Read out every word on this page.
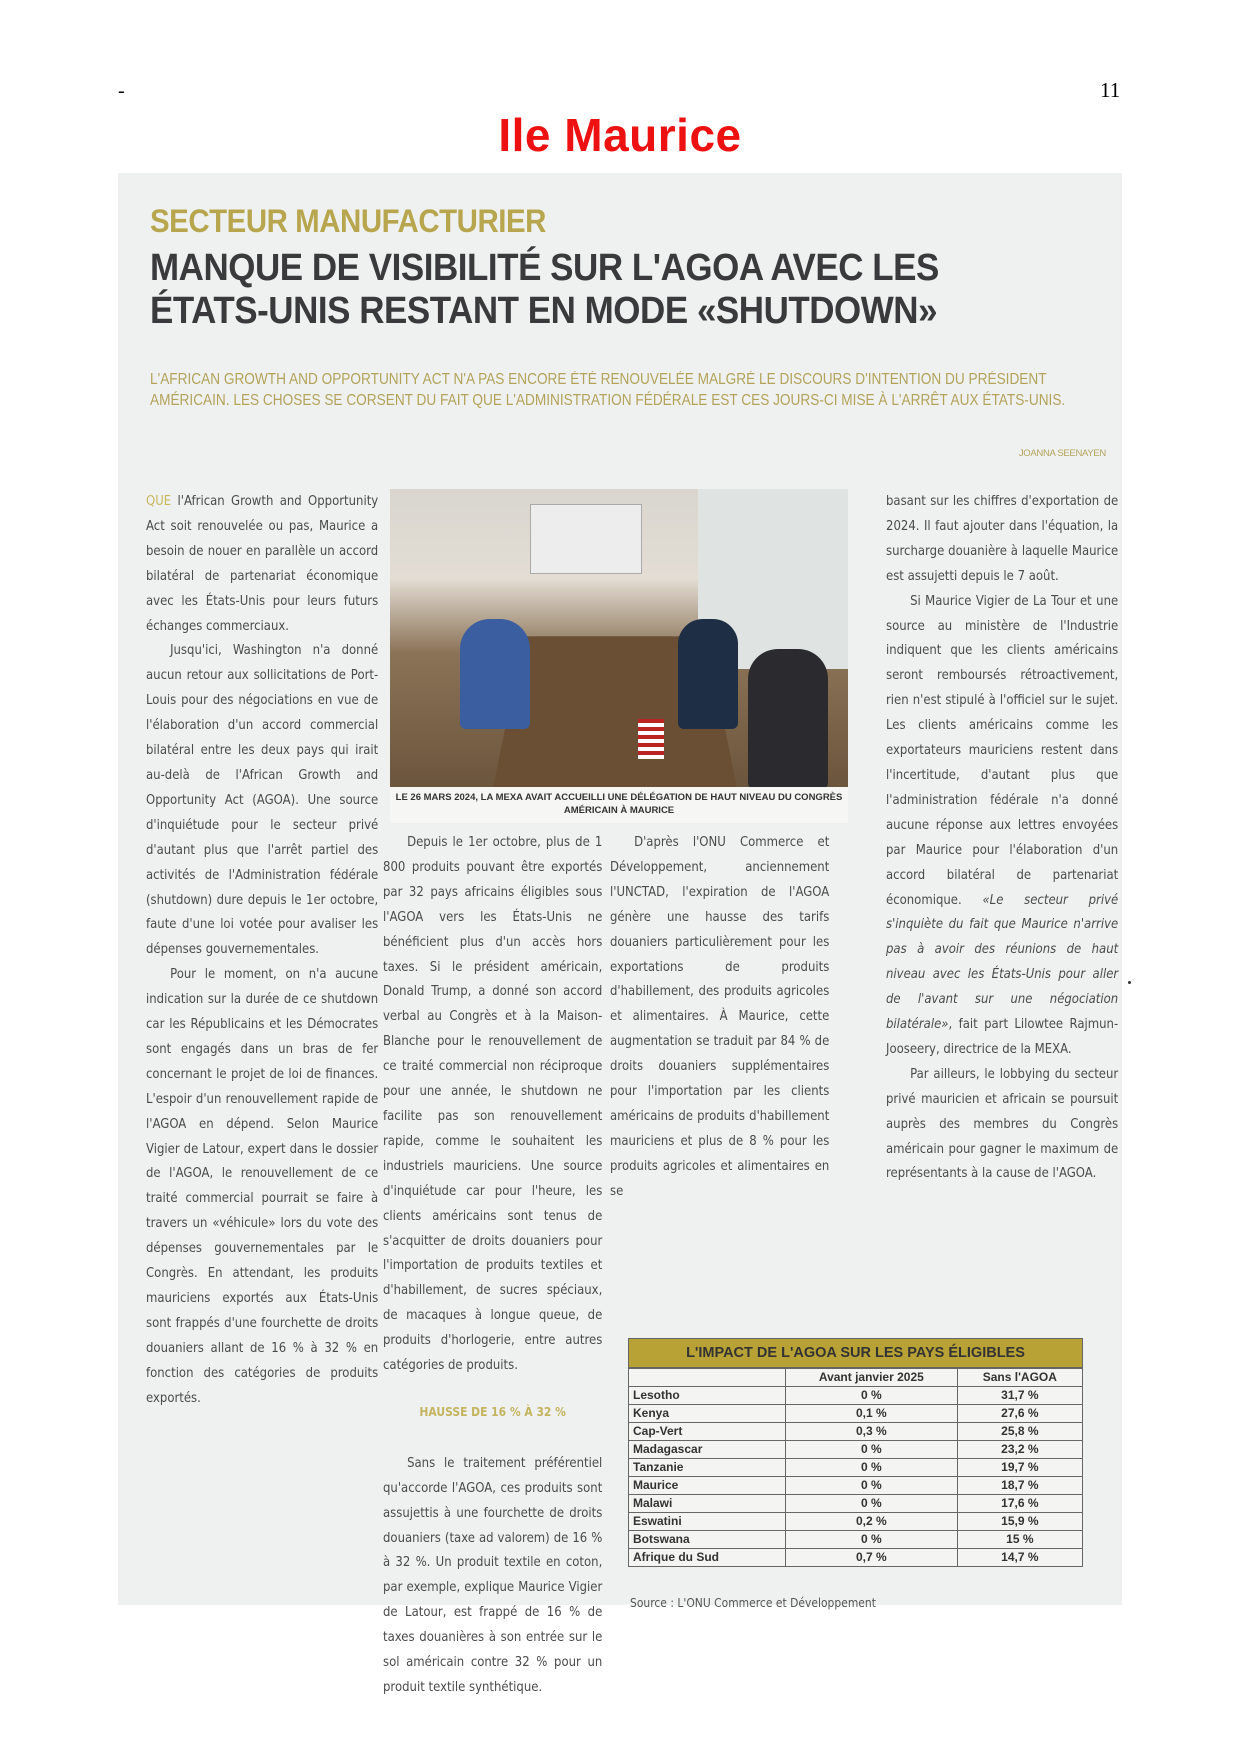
-	11
Ile Maurice
SECTEUR MANUFACTURIER
MANQUE DE VISIBILITÉ SUR L'AGOA AVEC LES ÉTATS-UNIS RESTANT EN MODE «SHUTDOWN»
L'AFRICAN GROWTH AND OPPORTUNITY ACT N'A PAS ENCORE ÉTÉ RENOUVELÉE MALGRÉ LE DISCOURS D'INTENTION DU PRÉSIDENT AMÉRICAIN. LES CHOSES SE CORSENT DU FAIT QUE L'ADMINISTRATION FÉDÉRALE EST CES JOURS-CI MISE À L'ARRÊT AUX ÉTATS-UNIS.
JOANNA SEENAYEN

QUE l'African Growth and Opportunity Act soit renouvelée ou pas, Maurice a besoin de nouer en parallèle un accord bilatéral de partenariat économique avec les États-Unis pour leurs futurs échanges commerciaux.

Jusqu'ici, Washington n'a donné aucun retour aux sollicitations de Port-Louis pour des négociations en vue de l'élaboration d'un accord commercial bilatéral entre les deux pays qui irait au-delà de l'African Growth and Opportunity Act (AGOA). Une source d'inquiétude pour le secteur privé d'autant plus que l'arrêt partiel des activités de l'Administration fédérale (shutdown) dure depuis le 1er octobre, faute d'une loi votée pour avaliser les dépenses gouvernementales.

Pour le moment, on n'a aucune indication sur la durée de ce shutdown car les Républicains et les Démocrates sont engagés dans un bras de fer concernant le projet de loi de finances. L'espoir d'un renouvellement rapide de l'AGOA en dépend. Selon Maurice Vigier de Latour, expert dans le dossier de l'AGOA, le renouvellement de ce traité commercial pourrait se faire à travers un «véhicule» lors du vote des dépenses gouvernementales par le Congrès. En attendant, les produits mauriciens exportés aux États-Unis sont frappés d'une fourchette de droits douaniers allant de 16 % à 32 % en fonction des catégories de produits exportés.

LE 26 MARS 2024, LA MEXA AVAIT ACCUEILLI UNE DÉLÉGATION DE HAUT NIVEAU DU CONGRÈS AMÉRICAIN À MAURICE

Depuis le 1er octobre, plus de 1 800 produits pouvant être exportés par 32 pays africains éligibles sous l'AGOA vers les États-Unis ne bénéficient plus d'un accès hors taxes. Si le président américain, Donald Trump, a donné son accord verbal au Congrès et à la Maison-Blanche pour le renouvellement de ce traité commercial non réciproque pour une année, le shutdown ne facilite pas son renouvellement rapide, comme le souhaitent les industriels mauriciens. Une source d'inquiétude car pour l'heure, les clients américains sont tenus de s'acquitter de droits douaniers pour l'importation de produits textiles et d'habillement, de sucres spéciaux, de macaques à longue queue, de produits d'horlogerie, entre autres catégories de produits.

HAUSSE DE 16 % À 32 %

Sans le traitement préférentiel qu'accorde l'AGOA, ces produits sont assujettis à une fourchette de droits douaniers (taxe ad valorem) de 16 % à 32 %. Un produit textile en coton, par exemple, explique Maurice Vigier de Latour, est frappé de 16 % de taxes douanières à son entrée sur le sol américain contre 32 % pour un produit textile synthétique.

D'après l'ONU Commerce et Développement, anciennement l'UNCTAD, l'expiration de l'AGOA génère une hausse des tarifs douaniers particulièrement pour les exportations de produits d'habillement, des produits agricoles et alimentaires. À Maurice, cette augmentation se traduit par 84 % de droits douaniers supplémentaires pour l'importation par les clients américains de produits d'habillement mauriciens et plus de 8 % pour les produits agricoles et alimentaires en se

basant sur les chiffres d'exportation de 2024. Il faut ajouter dans l'équation, la surcharge douanière à laquelle Maurice est assujetti depuis le 7 août.

Si Maurice Vigier de La Tour et une source au ministère de l'Industrie indiquent que les clients américains seront remboursés rétroactivement, rien n'est stipulé à l'officiel sur le sujet. Les clients américains comme les exportateurs mauriciens restent dans l'incertitude, d'autant plus que l'administration fédérale n'a donné aucune réponse aux lettres envoyées par Maurice pour l'élaboration d'un accord bilatéral de partenariat économique. «Le secteur privé s'inquiète du fait que Maurice n'arrive pas à avoir des réunions de haut niveau avec les États-Unis pour aller de l'avant sur une négociation bilatérale», fait part Lilowtee Rajmun-Jooseery, directrice de la MEXA.

Par ailleurs, le lobbying du secteur privé mauricien et africain se poursuit auprès des membres du Congrès américain pour gagner le maximum de représentants à la cause de l'AGOA.

L'IMPACT DE L'AGOA SUR LES PAYS ÉLIGIBLES
	Avant janvier 2025	Sans l'AGOA
Lesotho	0 %	31,7 %
Kenya	0,1 %	27,6 %
Cap-Vert	0,3 %	25,8 %
Madagascar	0 %	23,2 %
Tanzanie	0 %	19,7 %
Maurice	0 %	18,7 %
Malawi	0 %	17,6 %
Eswatini	0,2 %	15,9 %
Botswana	0 %	15 %
Afrique du Sud	0,7 %	14,7 %
Source : L'ONU Commerce et Développement
